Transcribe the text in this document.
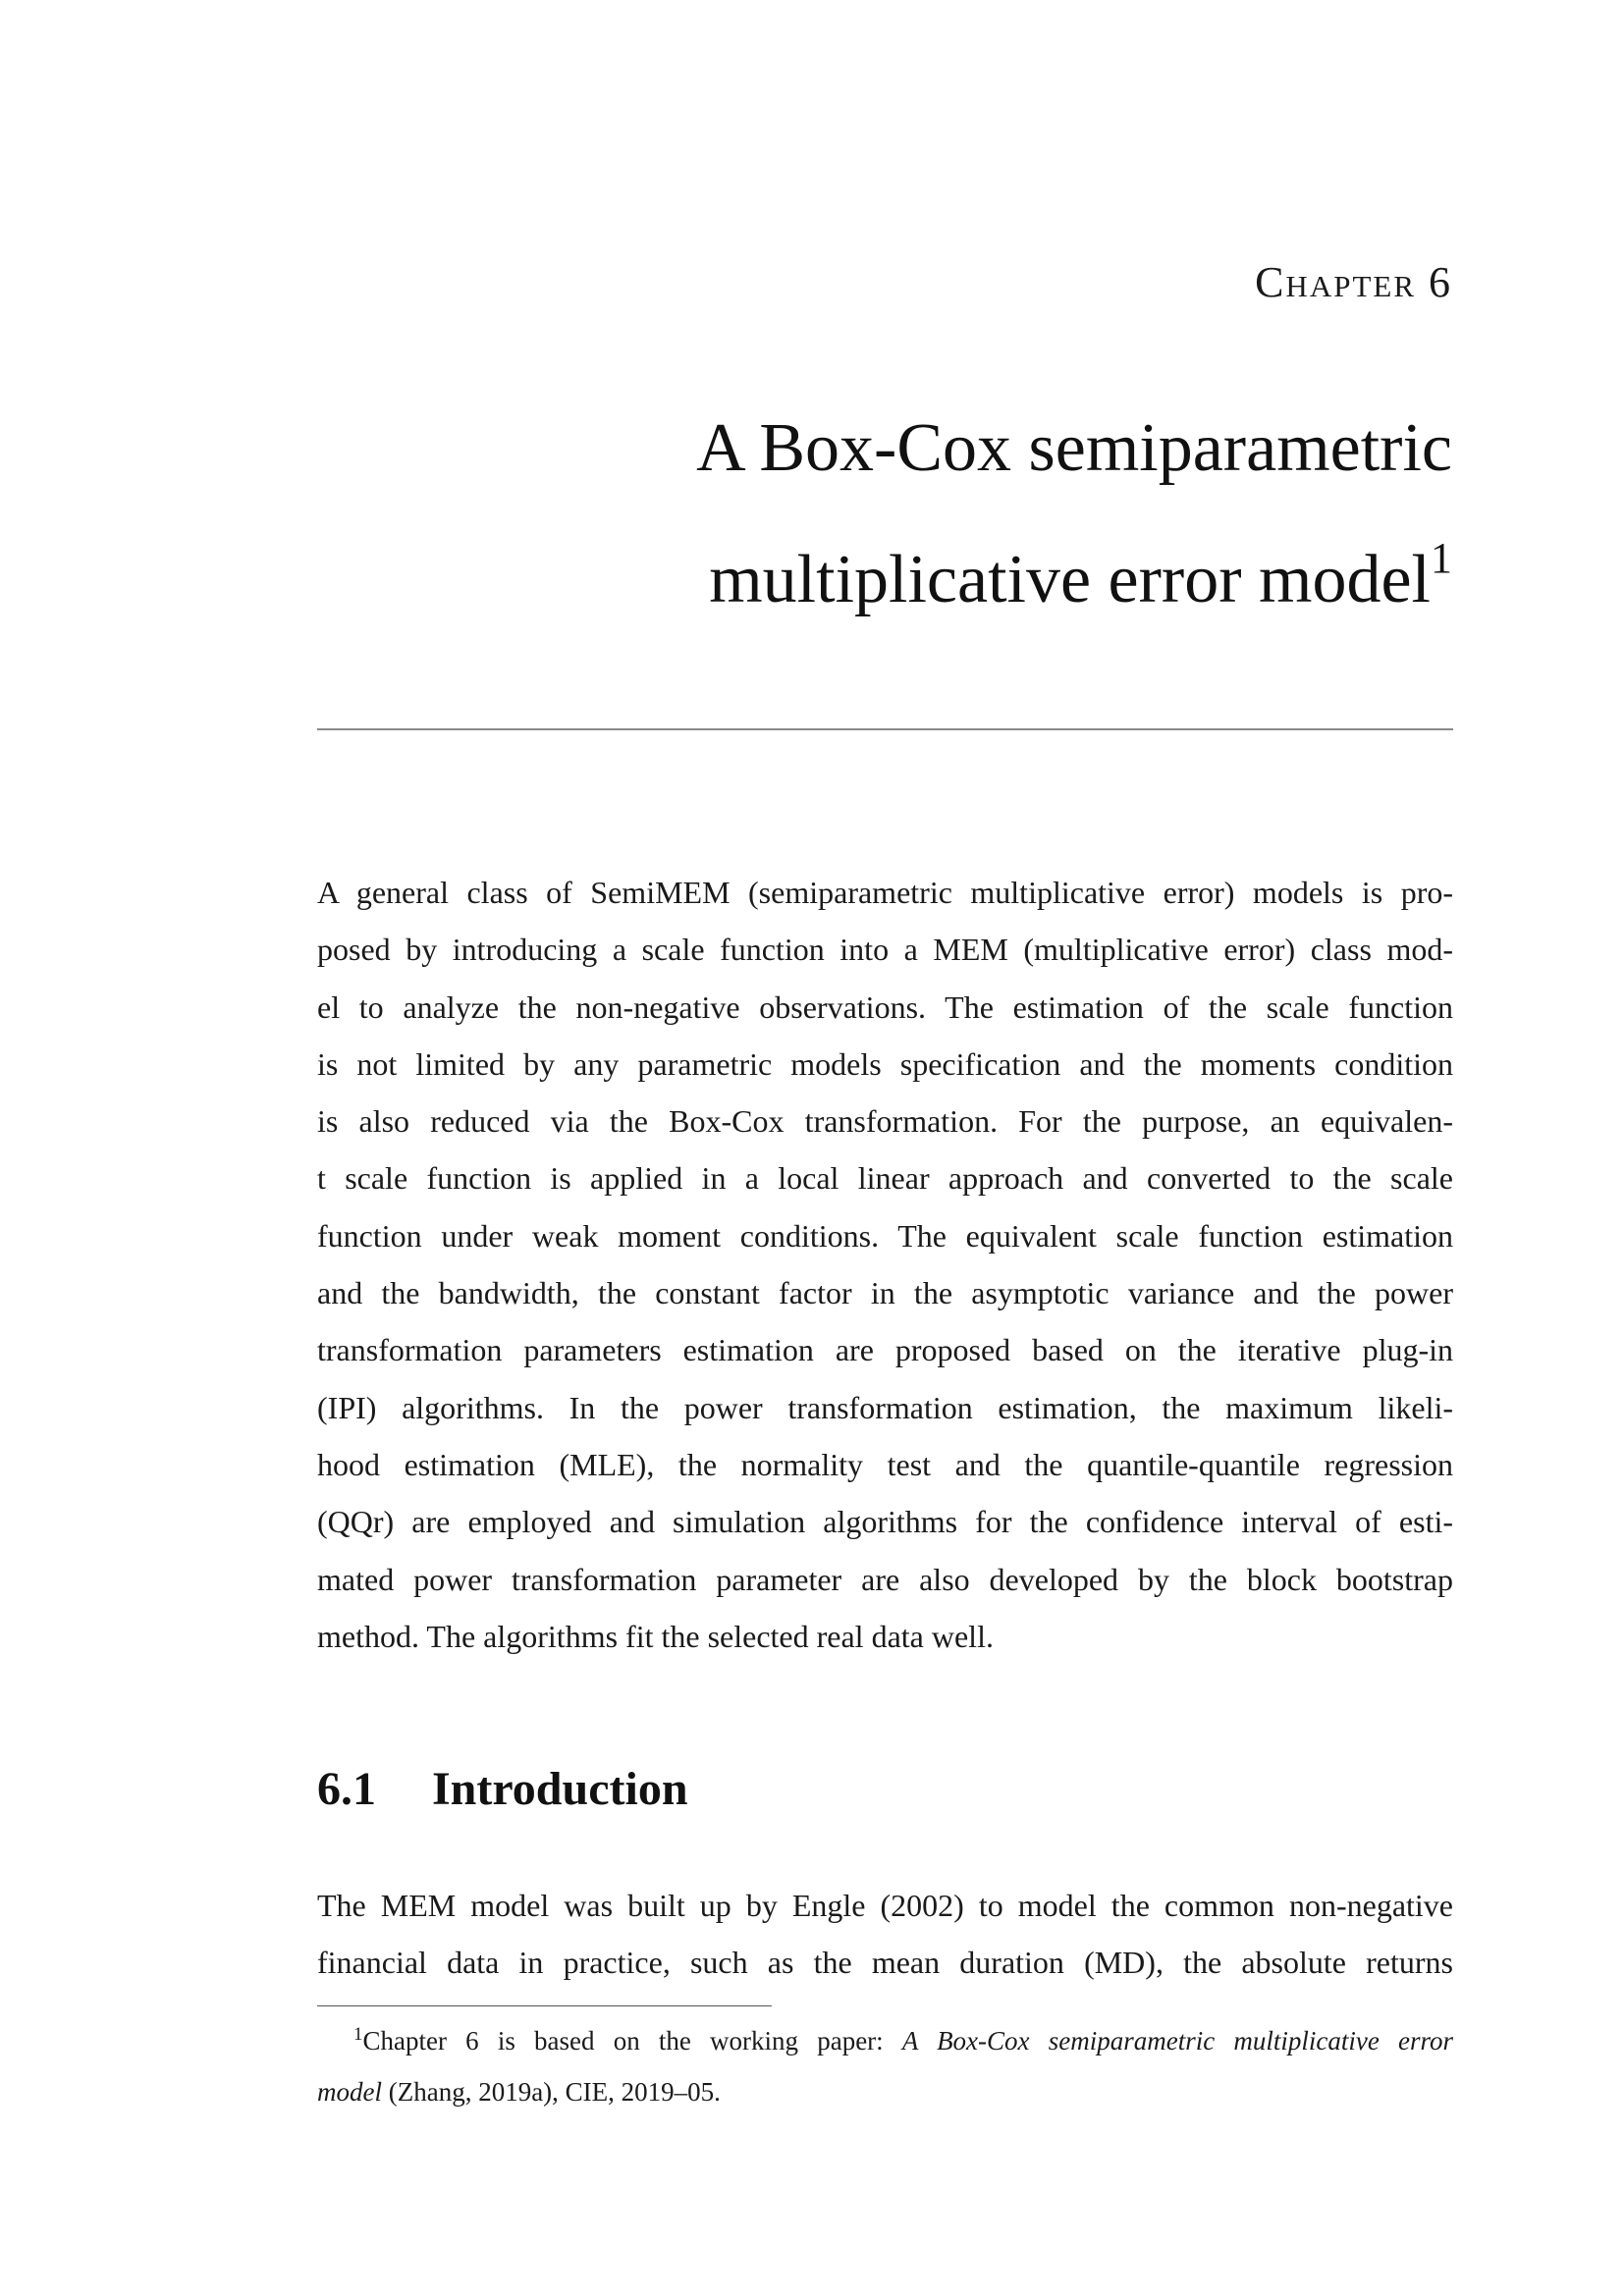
Chapter 6
A Box-Cox semiparametric
multiplicative error model$^1$
A general class of SemiMEM (semiparametric multiplicative error) models is pro-
posed by introducing a scale function into a MEM (multiplicative error) class mod-
el to analyze the non-negative observations. The estimation of the scale function
is not limited by any parametric models specification and the moments condition
is also reduced via the Box-Cox transformation. For the purpose, an equivalen-
t scale function is applied in a local linear approach and converted to the scale
function under weak moment conditions. The equivalent scale function estimation
and the bandwidth, the constant factor in the asymptotic variance and the power
transformation parameters estimation are proposed based on the iterative plug-in
(IPI) algorithms. In the power transformation estimation, the maximum likeli-
hood estimation (MLE), the normality test and the quantile-quantile regression
(QQr) are employed and simulation algorithms for the confidence interval of esti-
mated power transformation parameter are also developed by the block bootstrap
method. The algorithms fit the selected real data well.
6.1 Introduction
The MEM model was built up by Engle (2002) to model the common non-negative
financial data in practice, such as the mean duration (MD), the absolute returns
$^1$Chapter 6 is based on the working paper: A Box-Cox semiparametric multiplicative error
model (Zhang, 2019a), CIE, 2019–05.
